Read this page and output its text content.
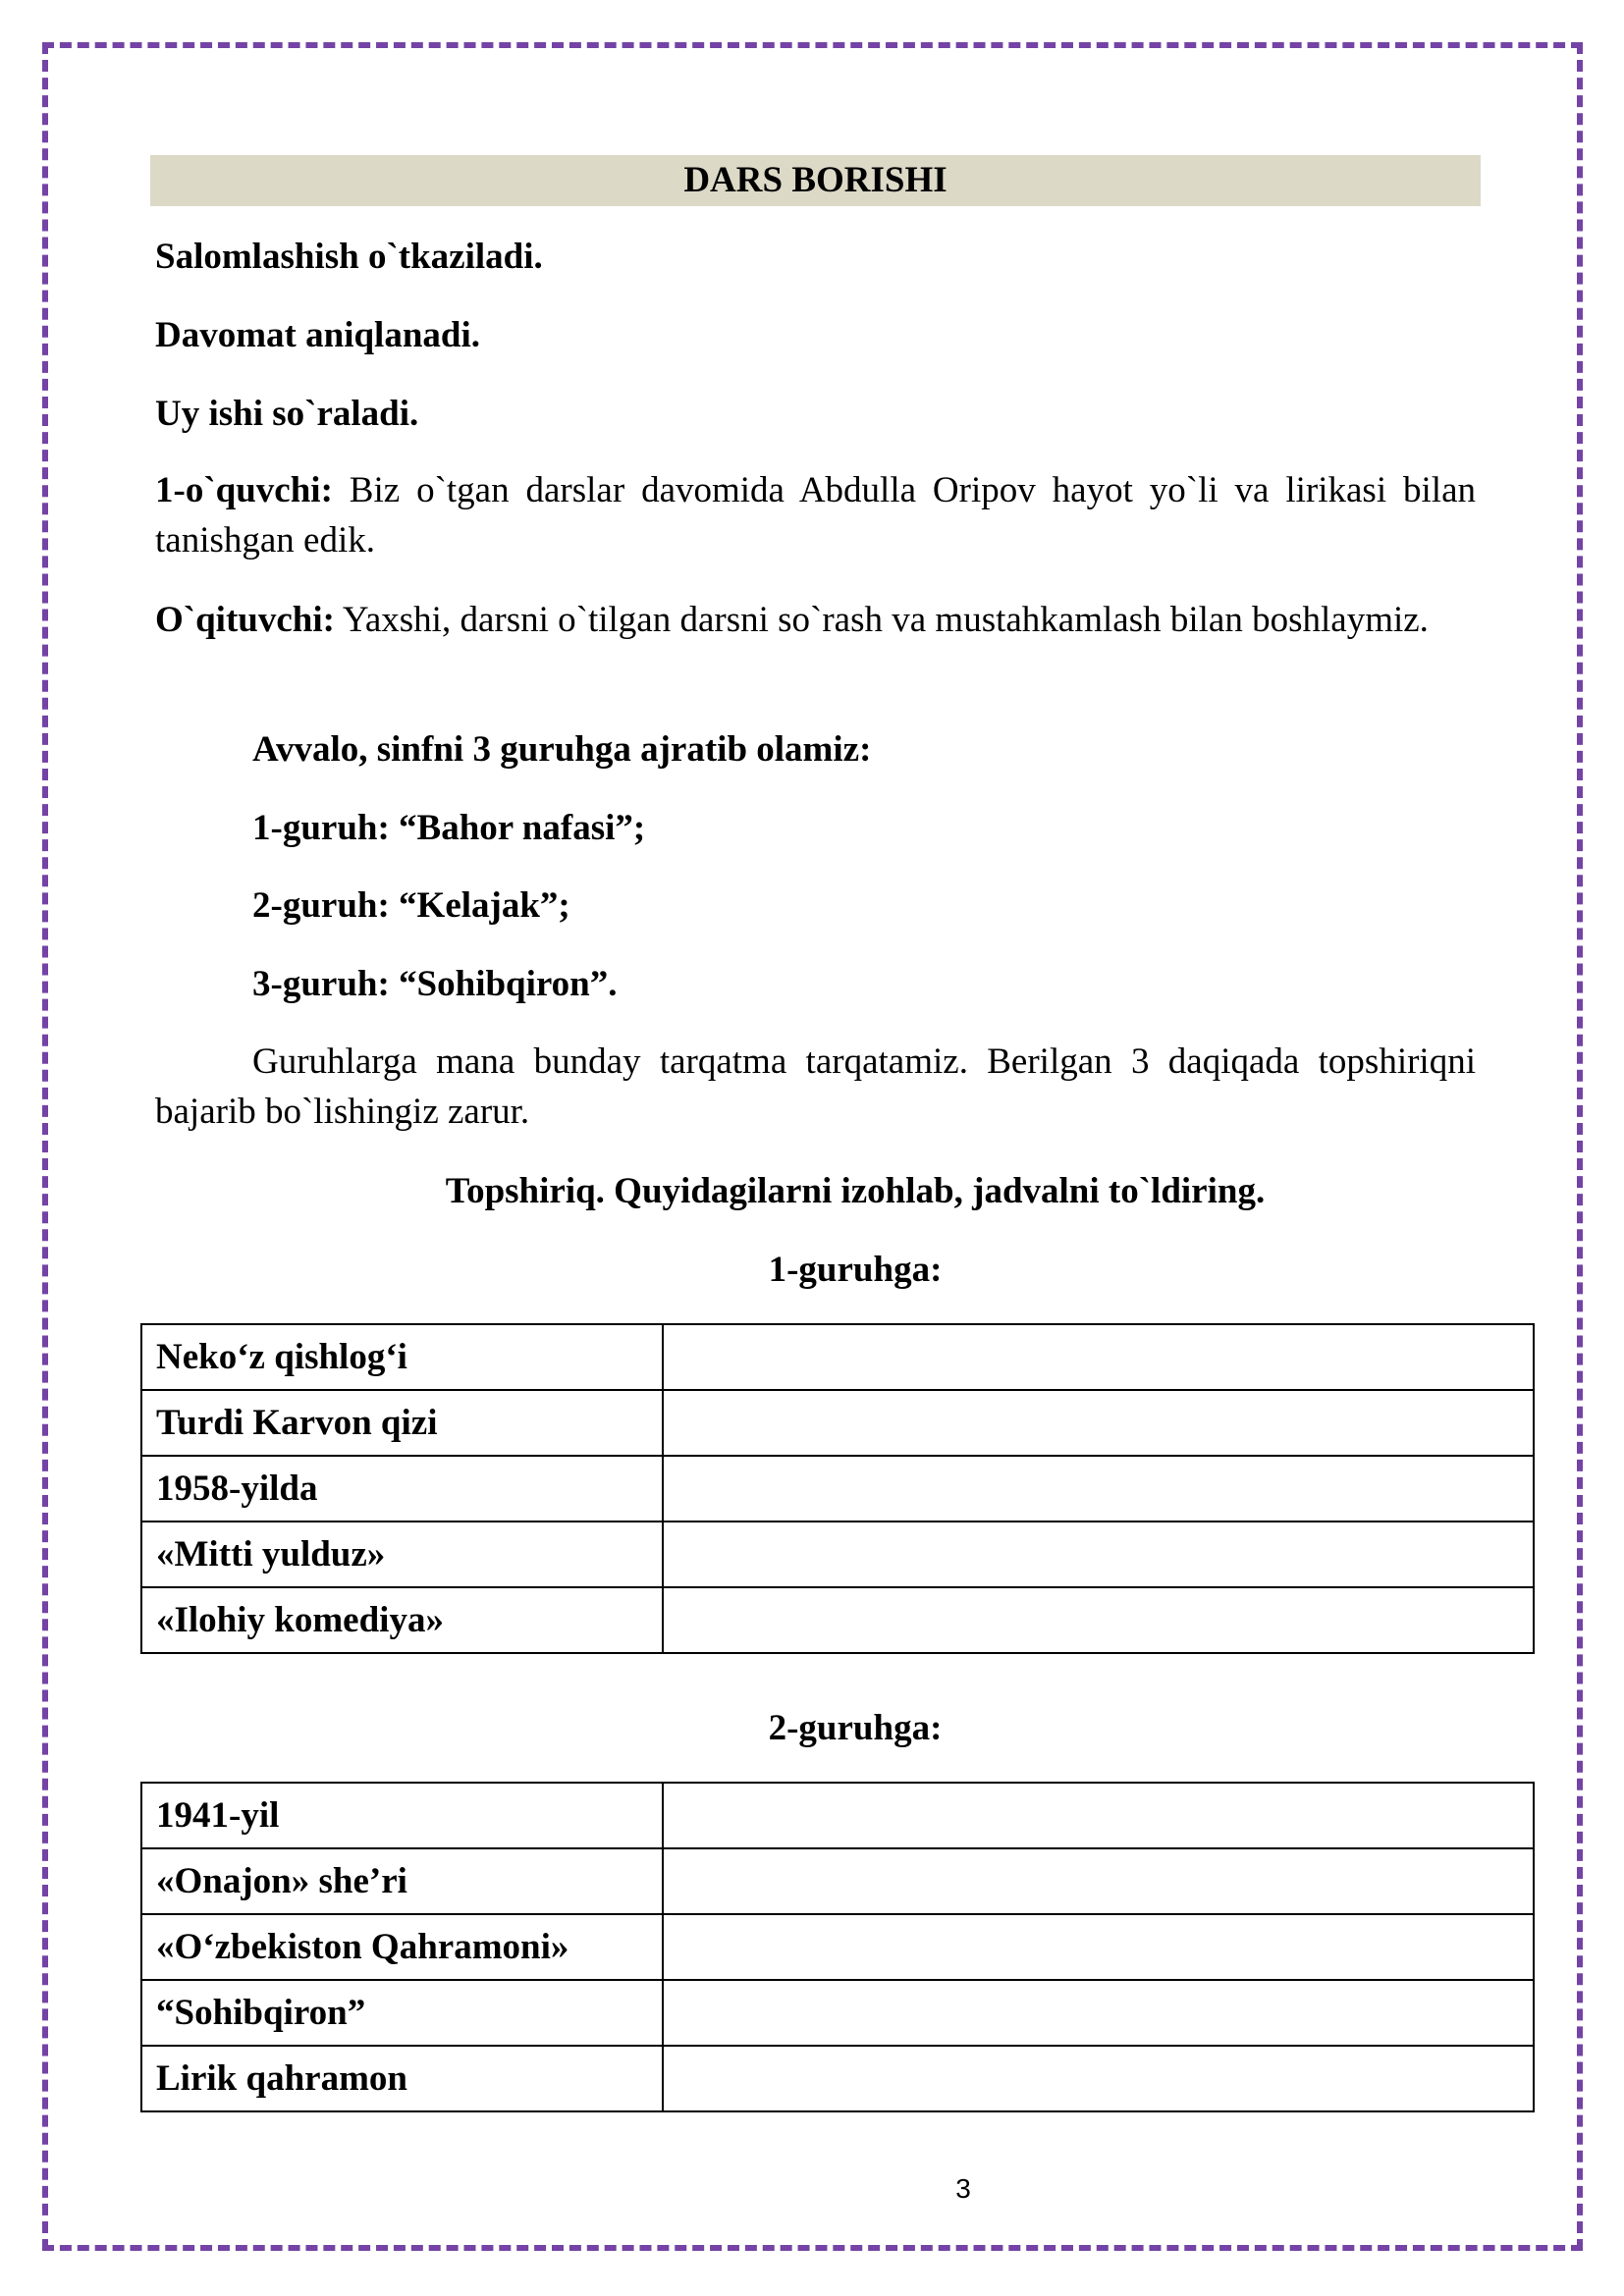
DARS BORISHI
Salomlashish o`tkaziladi.
Davomat aniqlanadi.
Uy ishi so`raladi.
1-o`quvchi: Biz o`tgan darslar davomida Abdulla Oripov hayot yo`li va lirikasi bilan tanishgan edik.
O`qituvchi: Yaxshi, darsni o`tilgan darsni so`rash va mustahkamlash bilan boshlaymiz.
Avvalo, sinfni 3 guruhga ajratib olamiz:
1-guruh: “Bahor nafasi”;
2-guruh: “Kelajak”;
3-guruh: “Sohibqiron”.
Guruhlarga mana bunday tarqatma tarqatamiz. Berilgan 3 daqiqada topshiriqni bajarib bo`lishingiz zarur.
Topshiriq. Quyidagilarni izohlab, jadvalni to`ldiring.
1-guruhga:
Neko‘z qishlog‘i	
Turdi Karvon qizi	
1958-yilda	
«Mitti yulduz»	
«Ilohiy komediya»	
2-guruhga:
1941-yil	
«Onajon» she’ri	
«O‘zbekiston Qahramoni»	
“Sohibqiron”	
Lirik qahramon	
3
